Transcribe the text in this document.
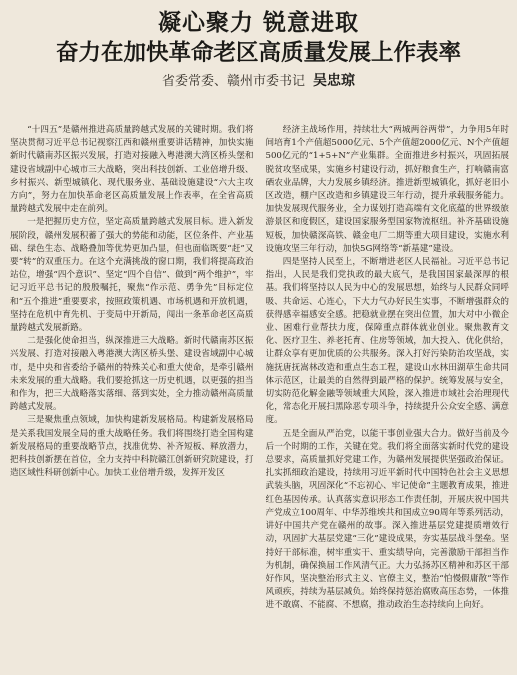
凝心聚力 锐意进取
奋力在加快革命老区高质量发展上作表率
省委常委、赣州市委书记 吴忠琼

“十四五”是赣州推进高质量跨越式发展的关键时期。我们将坚决贯彻习近平总书记视察江西和赣州重要讲话精神，加快实施新时代赣南苏区振兴发展，打造对接融入粤港澳大湾区桥头堡和建设省域副中心城市三大战略，突出科技创新、工业倍增升级、乡村振兴、新型城镇化、现代服务业、基础设施建设“六大主攻方向”，努力在加快革命老区高质量发展上作表率，在全省高质量跨越式发展中走在前列。

一是把握历史方位，坚定高质量跨越式发展目标。进入新发展阶段，赣州发展积蓄了强大的势能和动能，区位条件、产业基础、绿色生态、战略叠加等优势更加凸显，但也面临既要“赶”又要“转”的双重压力。在这个充满挑战的窗口期，我们将提高政治站位，增强“四个意识”、坚定“四个自信”、做到“两个维护”，牢记习近平总书记的殷殷嘱托，聚焦“作示范、勇争先”目标定位和“五个推进”重要要求，按照政策机遇、市场机遇和开放机遇，坚持在危机中育先机、于变局中开新局，闯出一条革命老区高质量跨越式发展新路。

二是强化使命担当，纵深推进三大战略。新时代赣南苏区振兴发展、打造对接融入粤港澳大湾区桥头堡、建设省域副中心城市，是中央和省委给予赣州的特殊关心和重大使命，是牵引赣州未来发展的重大战略。我们要抢抓这一历史机遇，以更强的担当和作为，把三大战略落实落细、落到实处，全力推动赣州高质量跨越式发展。

三是聚焦重点领域，加快构建新发展格局。构建新发展格局是关系我国发展全局的重大战略任务。我们将围绕打造全国构建新发展格局的重要战略节点，找准优势、补齐短板、释放潜力，把科技创新摆在首位，全力支持中科院赣江创新研究院建设，打造区域性科研创新中心。加快工业倍增升级，发挥开发区

经济主战场作用，持续壮大“两城两谷两带”，力争用5年时间培育1个产值超5000亿元、5个产值超2000亿元、N个产值超500亿元的“1+5+N”产业集群。全面推进乡村振兴，巩固拓展脱贫攻坚成果，实施乡村建设行动，抓好粮食生产，打响赣南富硒农业品牌，大力发展乡镇经济。推进新型城镇化，抓好老旧小区改造，棚户区改造和乡镇建设三年行动，提升承载服务能力。加快发展现代服务业，全力谋划打造高端有文化底蕴的世界级旅游景区和度假区，建设国家服务型国家物流枢纽。补齐基础设施短板，加快赣深高铁、赣金电厂二期等重大项目建设，实施水利设施攻坚三年行动，加快5G网络等“新基建”建设。

四是坚持人民至上，不断增进老区人民福祉。习近平总书记指出，人民是我们党执政的最大底气，是我国国家最深厚的根基。我们将坚持以人民为中心的发展思想，始终与人民群众同呼吸、共命运、心连心，下大力气办好民生实事，不断增强群众的获得感幸福感安全感。把稳就业摆在突出位置，加大对中小微企业、困难行业帮扶力度，保障重点群体就业创业。聚焦教育文化、医疗卫生、养老托育、住房等领域，加大投入、优化供给，让群众享有更加优质的公共服务。深入打好污染防治攻坚战，实施抚唐抚嵩林改造和重点生态工程，建设山水林田湖草生命共同体示范区，让最美的自然得到最严格的保护。统筹发展与安全，切实防范化解金融等领域重大风险，深入推进市域社会治理现代化，常态化开展扫黑除恶专项斗争，持续提升公众安全感、满意度。

五是全面从严治党，以能干事创业强大合力。做好当前及今后一个时期的工作，关键在党。我们将全面落实新时代党的建设总要求，高质量抓好党建工作，为赣州发展提供坚强政治保证。扎实抓细政治建设，持续用习近平新时代中国特色社会主义思想武装头脑，巩固深化“不忘初心、牢记使命”主题教育成果，推进红色基因传承。认真落实意识形态工作责任制，开展庆祝中国共产党成立100周年、中华苏维埃共和国成立90周年等系列活动，讲好中国共产党在赣州的故事。深入推进基层党建提质增效行动，巩固扩大基层党建“三化”建设成果，夯实基层战斗堡垒。坚持好干部标准，树牢重实干、重实绩导向，完善激励干部担当作为机制，确保换届工作风清气正。大力弘扬苏区精神和苏区干部好作风，坚决整治形式主义、官僚主义，整治“怕慢假庸散”等作风顽疾，持续为基层减负。始终保持惩治腐败高压态势，一体推进不敢腐、不能腐、不想腐，推动政治生态持续向上向好。
